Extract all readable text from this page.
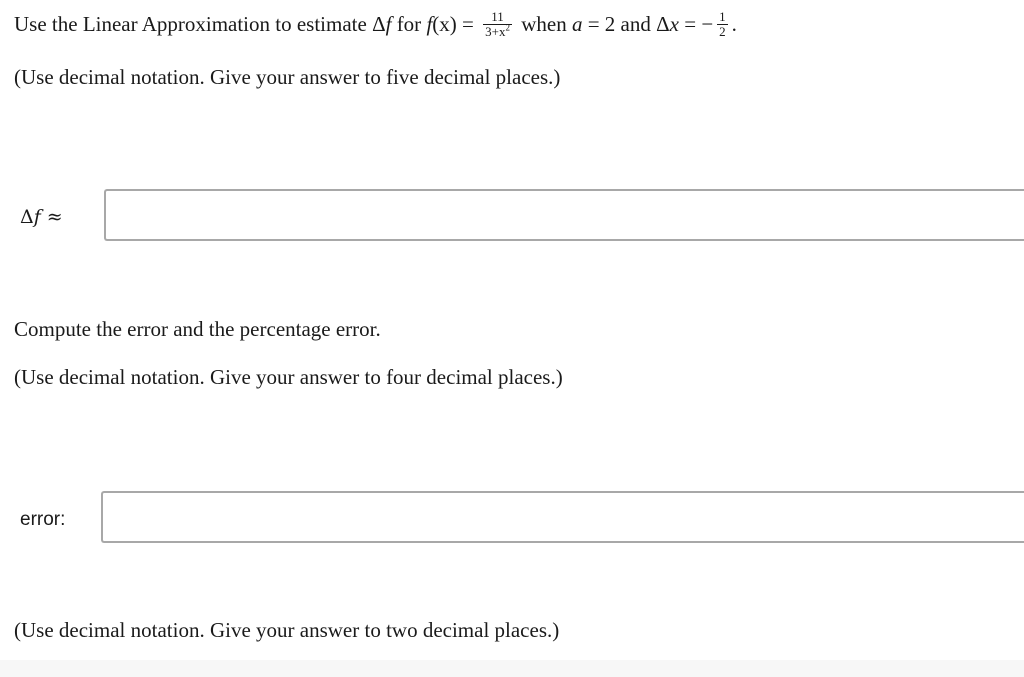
Use the Linear Approximation to estimate Δf for $f(x) = \frac{11}{3+x^2}$ when a = 2 and Δx = − $\frac{1}{2}$ .
(Use decimal notation. Give your answer to five decimal places.)
Δ𝑓 ≈
Compute the error and the percentage error.
(Use decimal notation. Give your answer to four decimal places.)
error:
(Use decimal notation. Give your answer to two decimal places.)
